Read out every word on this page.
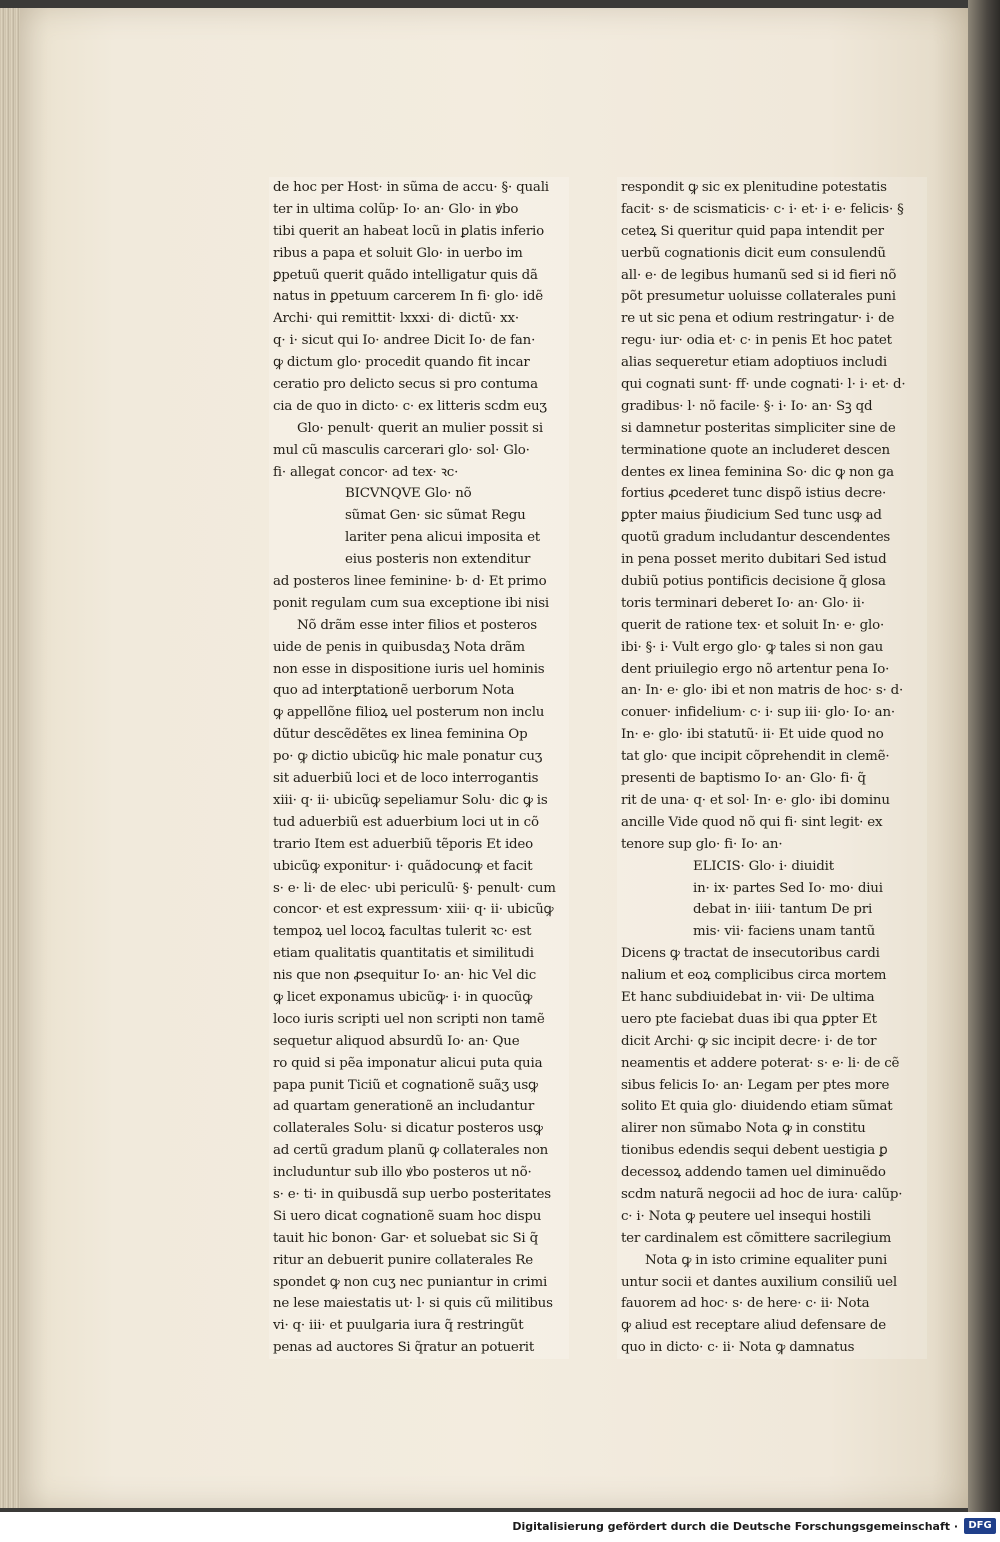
de hoc per Host· in sũma de accu· §· quali
ter in ultima colũp· Io· an· Glo· in ꝟbo
tibi querit an habeat locũ in ꝑlatis inferio
ribus a papa et soluit Glo· in uerbo im
ꝑpetuũ querit quãdo intelligatur quis dã
natus in ꝑpetuum carcerem In fi· glo· idẽ
Archi· qui remittit· lxxxi· di· dictũ· xx·
q· i· sicut qui Io· andree Dicit Io· de fan·
ꝙ dictum glo· procedit quando fit incar
ceratio pro delicto secus si pro contuma
cia de quo in dicto· c· ex litteris scdm euʒ
Glo· penult· querit an mulier possit si
mul cũ masculis carcerari glo· sol· Glo·
fi· allegat concor· ad tex· ꝛc·
BICVNQVE Glo· nõ
sũmat Gen· sic sũmat Regu
lariter pena alicui imposita et
eius posteris non extenditur
ad posteros linee feminine· b· d· Et primo
ponit regulam cum sua exceptione ibi nisi
Nõ drãm esse inter filios et posteros
uide de penis in quibusdaʒ Nota drãm
non esse in dispositione iuris uel hominis
quo ad interꝑtationẽ uerborum Nota
ꝙ appellõne filioꝝ uel posterum non inclu
dũtur descẽdẽtes ex linea feminina Op
po· ꝙ dictio ubicũꝙ hic male ponatur cuʒ
sit aduerbiũ loci et de loco interrogantis
xiii· q· ii· ubicũꝙ sepeliamur Solu· dic ꝙ is
tud aduerbiũ est aduerbium loci ut in cõ
trario Item est aduerbiũ tẽporis Et ideo
ubicũꝙ exponitur· i· quãdocunꝙ et facit
s· e· li· de elec· ubi periculũ· §· penult· cum
concor· et est expressum· xiii· q· ii· ubicũꝙ
tempoꝝ uel locoꝝ facultas tulerit ꝛc· est
etiam qualitatis quantitatis et similitudi
nis que non ꝓsequitur Io· an· hic Vel dic
ꝙ licet exponamus ubicũꝙ· i· in quocũꝙ
loco iuris scripti uel non scripti non tamẽ
sequetur aliquod absurdũ Io· an· Que
ro quid si pẽa imponatur alicui puta quia
papa punit Ticiũ et cognationẽ suãʒ usꝙ
ad quartam generationẽ an includantur
collaterales Solu· si dicatur posteros usꝙ
ad certũ gradum planũ ꝙ collaterales non
includuntur sub illo ꝟbo posteros ut nõ·
s· e· ti· in quibusdã sup uerbo posteritates
Si uero dicat cognationẽ suam hoc dispu
tauit hic bonon· Gar· et soluebat sic Si q̃
ritur an debuerit punire collaterales Re
spondet ꝙ non cuʒ nec puniantur in crimi
ne lese maiestatis ut· l· si quis cũ militibus
vi· q· iii· et puulgaria iura q̃ restringũt
penas ad auctores Si q̃ratur an potuerit
respondit ꝙ sic ex plenitudine potestatis
facit· s· de scismaticis· c· i· et· i· e· felicis· §
ceteꝝ Si queritur quid papa intendit per
uerbũ cognationis dicit eum consulendũ
all· e· de legibus humanũ sed si id fieri nõ
põt presumetur uoluisse collaterales puni
re ut sic pena et odium restringatur· i· de
regu· iur· odia et· c· in penis Et hoc patet
alias sequeretur etiam adoptiuos includi
qui cognati sunt· ff· unde cognati· l· i· et· d·
gradibus· l· nõ facile· §· i· Io· an· Sꝫ qd
si damnetur posteritas simpliciter sine de
terminatione quote an includeret descen
dentes ex linea feminina So· dic ꝙ non ga
fortius ꝓcederet tunc dispõ istius decre·
ꝑpter maius p̃iudicium Sed tunc usꝙ ad
quotũ gradum includantur descendentes
in pena posset merito dubitari Sed istud
dubiũ potius pontificis decisione q̃ glosa
toris terminari deberet Io· an· Glo· ii·
querit de ratione tex· et soluit In· e· glo·
ibi· §· i· Vult ergo glo· ꝙ tales si non gau
dent priuilegio ergo nõ artentur pena Io·
an· In· e· glo· ibi et non matris de hoc· s· d·
conuer· infidelium· c· i· sup iii· glo· Io· an·
In· e· glo· ibi statutũ· ii· Et uide quod no
tat glo· que incipit cõprehendit in clemẽ·
presenti de baptismo Io· an· Glo· fi· q̃
rit de una· q· et sol· In· e· glo· ibi dominu
ancille Vide quod nõ qui fi· sint legit· ex
tenore sup glo· fi· Io· an·
ELICIS· Glo· i· diuidit
in· ix· partes Sed Io· mo· diui
debat in· iiii· tantum De pri
mis· vii· faciens unam tantũ
Dicens ꝙ tractat de insecutoribus cardi
nalium et eoꝝ complicibus circa mortem
Et hanc subdiuidebat in· vii· De ultima
uero pte faciebat duas ibi qua ꝑpter Et
dicit Archi· ꝙ sic incipit decre· i· de tor
neamentis et addere poterat· s· e· li· de cẽ
sibus felicis Io· an· Legam per ptes more
solito Et quia glo· diuidendo etiam sũmat
alirer non sũmabo Nota ꝙ in constitu
tionibus edendis sequi debent uestigia ꝑ
decessoꝝ addendo tamen uel diminuẽdo
scdm naturã negocii ad hoc de iura· calũp·
c· i· Nota ꝙ peutere uel insequi hostili
ter cardinalem est cõmittere sacrilegium
Nota ꝙ in isto crimine equaliter puni
untur socii et dantes auxilium consiliũ uel
fauorem ad hoc· s· de here· c· ii· Nota
ꝙ aliud est receptare aliud defensare de
quo in dicto· c· ii· Nota ꝙ damnatus
Digitalisierung gefördert durch die Deutsche Forschungsgemeinschaft ·	DFG
